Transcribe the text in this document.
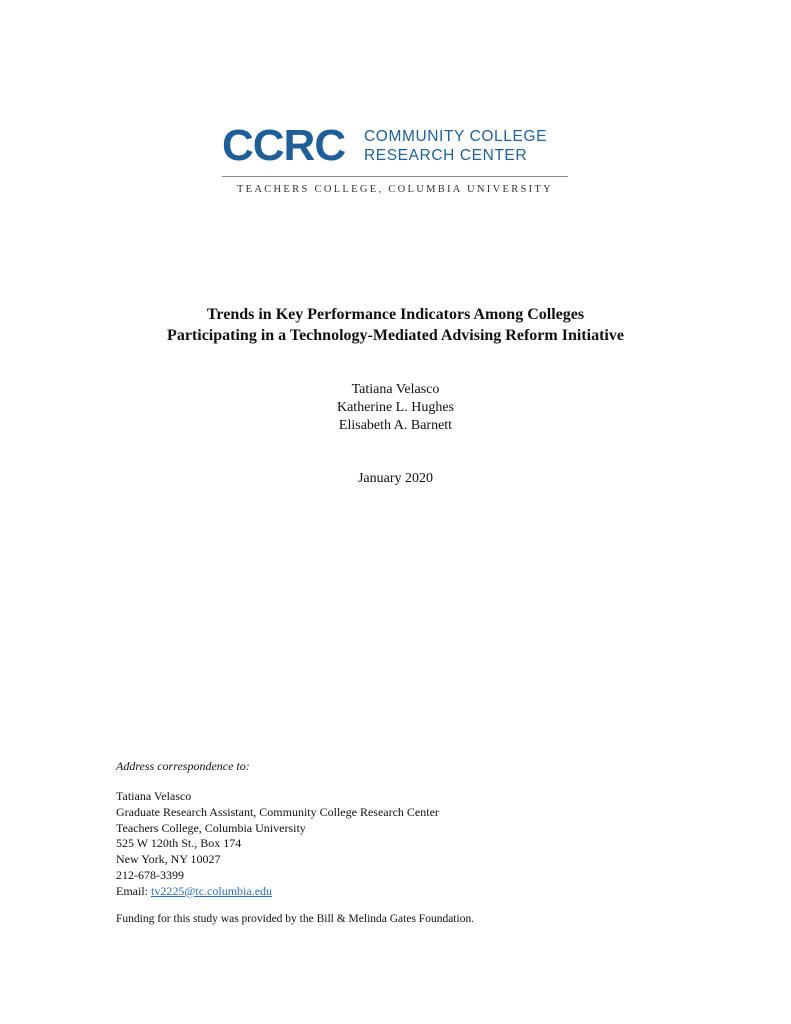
CCRC COMMUNITY COLLEGE
RESEARCH CENTER
TEACHERS COLLEGE, COLUMBIA UNIVERSITY
Trends in Key Performance Indicators Among Colleges
Participating in a Technology-Mediated Advising Reform Initiative
Tatiana Velasco
Katherine L. Hughes
Elisabeth A. Barnett
January 2020
Address correspondence to:
Tatiana Velasco
Graduate Research Assistant, Community College Research Center
Teachers College, Columbia University
525 W 120th St., Box 174
New York, NY 10027
212-678-3399
Email: tv2225@tc.columbia.edu
Funding for this study was provided by the Bill & Melinda Gates Foundation.
